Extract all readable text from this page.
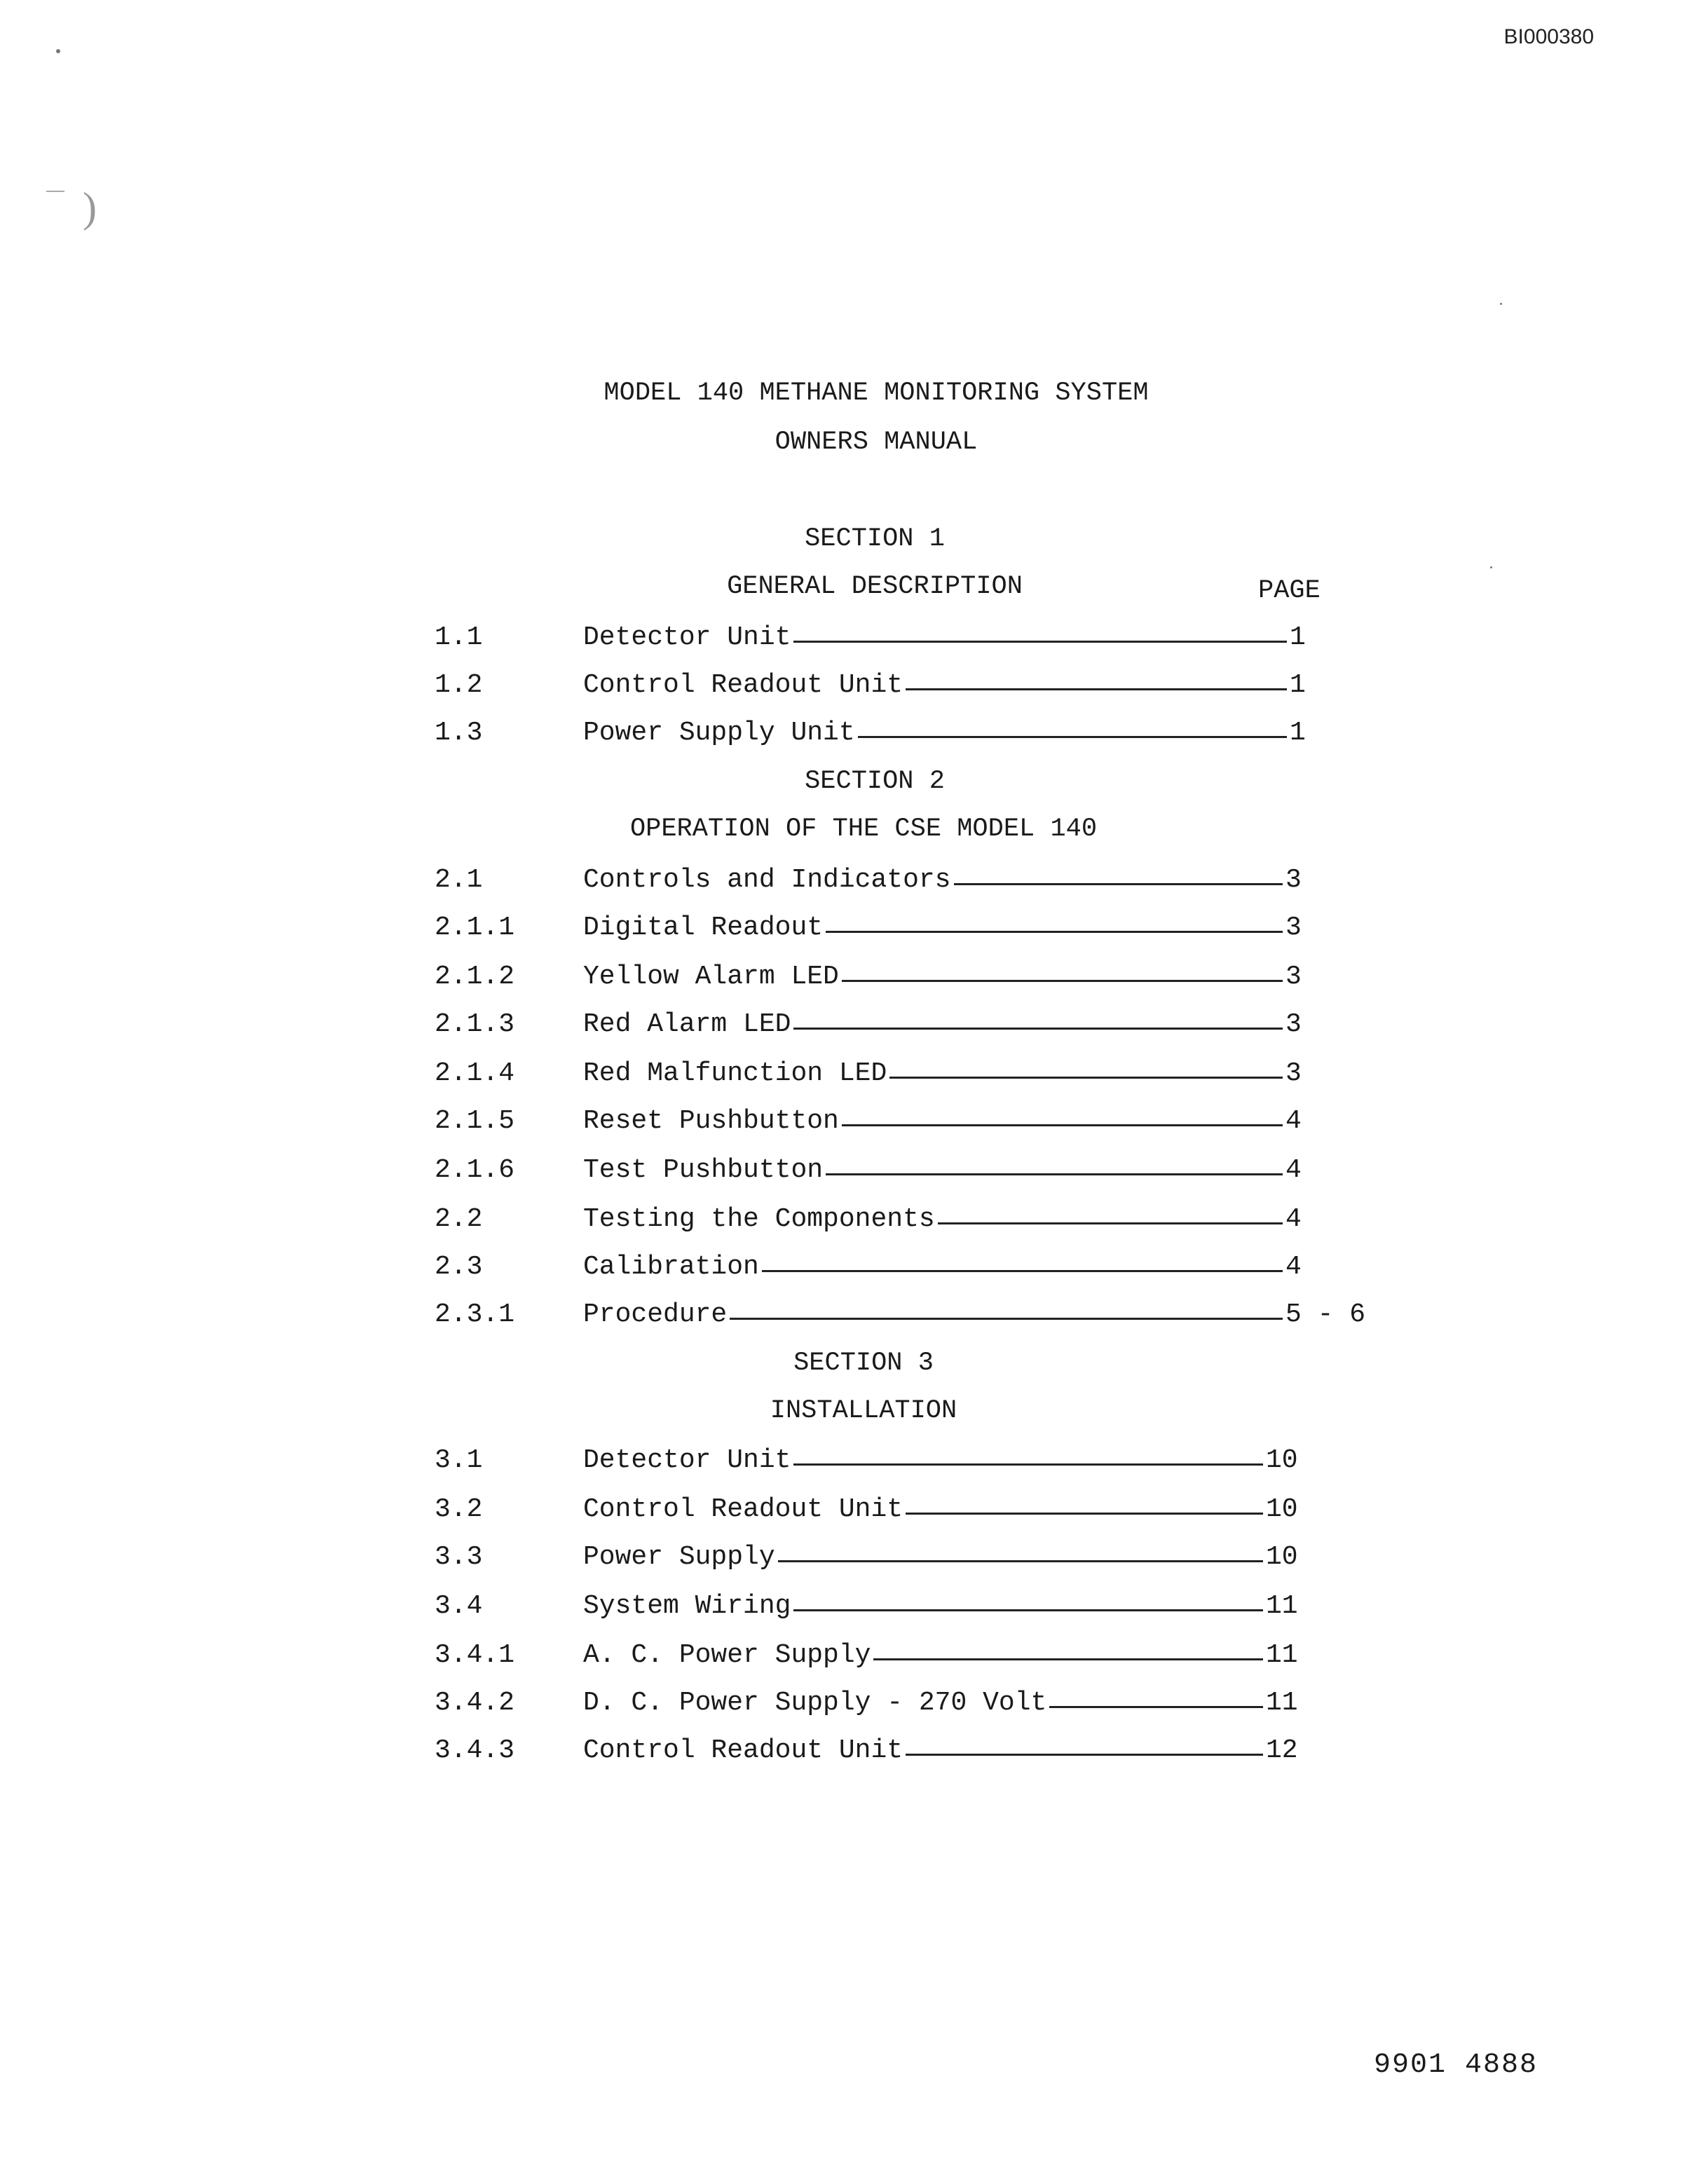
)
BI000380
MODEL 140 METHANE MONITORING SYSTEM
OWNERS MANUAL
PAGE
SECTION 1
GENERAL DESCRIPTION
1.1	Detector Unit	1
1.2	Control Readout Unit	1
1.3	Power Supply Unit	1
SECTION 2
OPERATION OF THE CSE MODEL 140
2.1	Controls and Indicators	3
2.1.1	Digital Readout	3
2.1.2	Yellow Alarm LED	3
2.1.3	Red Alarm LED	3
2.1.4	Red Malfunction LED	3
2.1.5	Reset Pushbutton	4
2.1.6	Test Pushbutton	4
2.2	Testing the Components	4
2.3	Calibration	4
2.3.1	Procedure	5 - 6
SECTION 3
INSTALLATION
3.1	Detector Unit	10
3.2	Control Readout Unit	10
3.3	Power Supply	10
3.4	System Wiring	11
3.4.1	A. C. Power Supply	11
3.4.2	D. C. Power Supply - 270 Volt	11
3.4.3	Control Readout Unit	12
9901 4888
